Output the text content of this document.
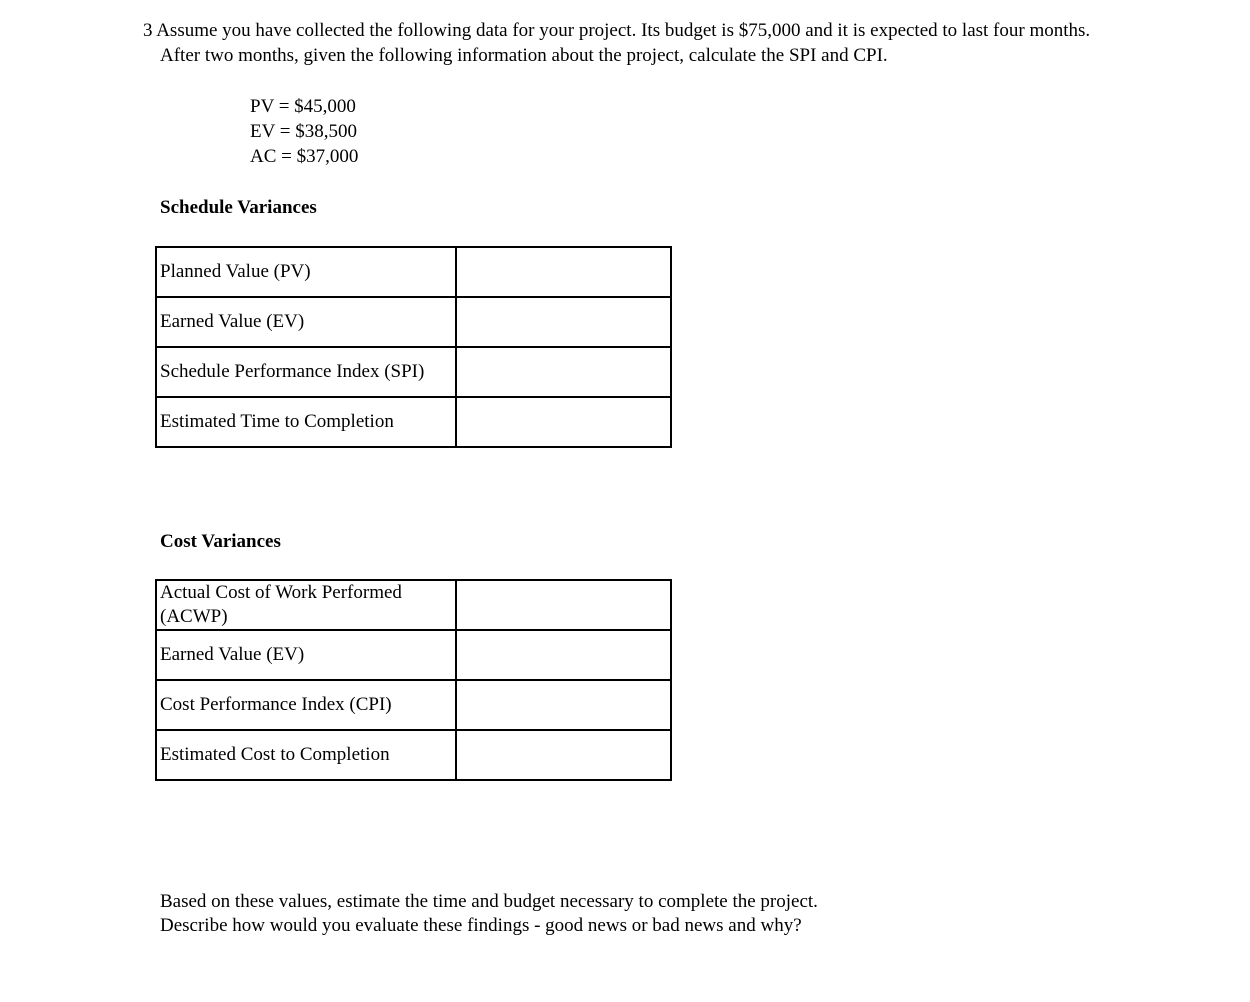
3 Assume you have collected the following data for your project. Its budget is $75,000 and it is expected to last four months.
After two months, given the following information about the project, calculate the SPI and CPI.
PV = $45,000
EV = $38,500
AC = $37,000
Schedule Variances
Planned Value (PV)	
Earned Value (EV)	
Schedule Performance Index (SPI)	
Estimated Time to Completion	
Cost Variances
Actual Cost of Work Performed (ACWP)	
Earned Value (EV)	
Cost Performance Index (CPI)	
Estimated Cost to Completion	
Based on these values, estimate the time and budget necessary to complete the project.
Describe how would you evaluate these findings - good news or bad news and why?
